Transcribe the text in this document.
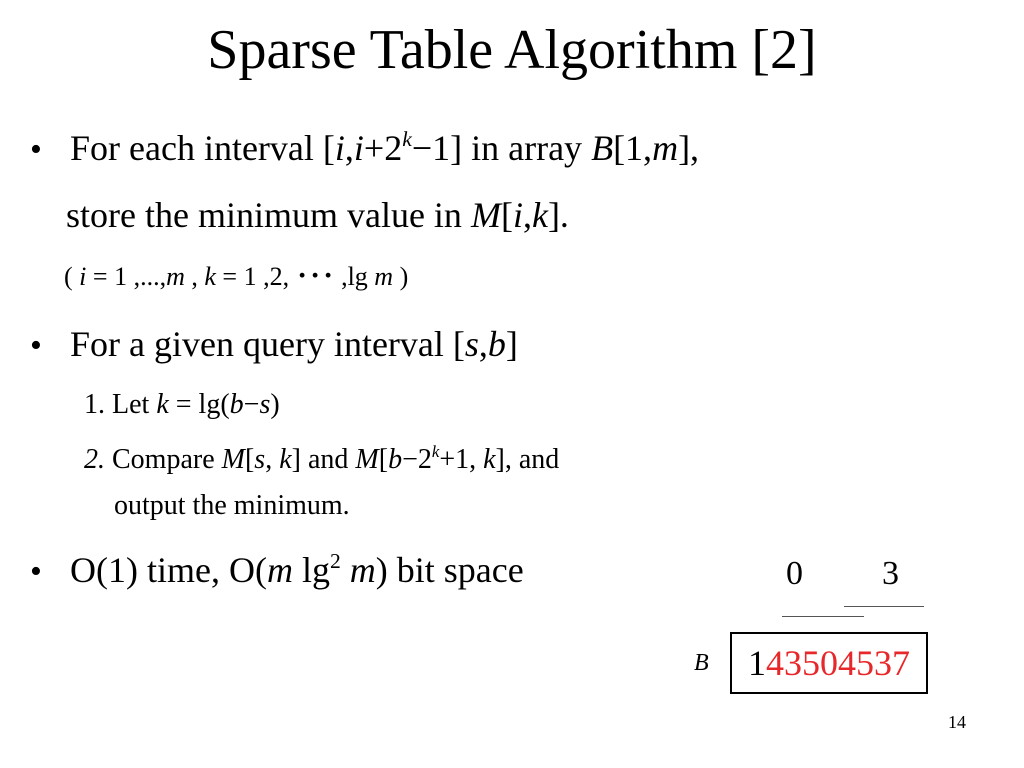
Sparse Table Algorithm [2]
• For each interval $[i,i+2^k-1]$ in array B[1,m],
store the minimum value in M[i,k].
( i = 1 ,...,m , k = 1 ,2, ･･･ ,lg m )
• For a given query interval [s,b]
1. Let k = lg(b−s)
2. Compare M[s, k] and $M[b-2^k+1$, k], and
output the minimum.
• O(1) time, O(m $\lg^2 m$) bit space	0 3
B	143504537
14
